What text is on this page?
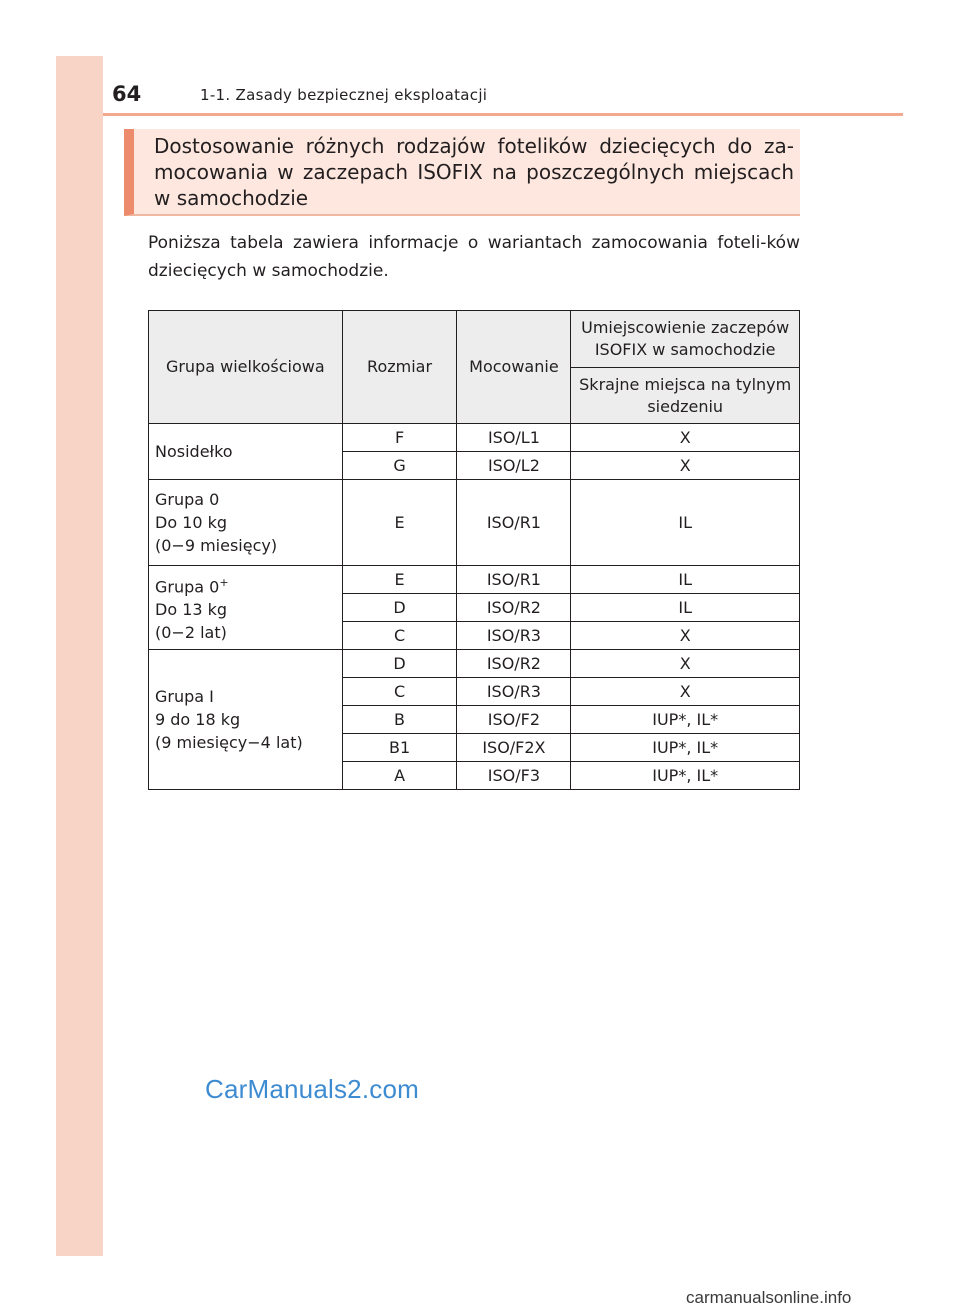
64	1-1. Zasady bezpiecznej eksploatacji
Dostosowanie różnych rodzajów fotelików dziecięcych do za-mocowania w zaczepach ISOFIX na poszczególnych miejscach w samochodzie
Poniższa tabela zawiera informacje o wariantach zamocowania foteli-ków dziecięcych w samochodzie.
Grupa wielkościowa	Rozmiar	Mocowanie	Umiejscowienie zaczepów ISOFIX w samochodzie
			Skrajne miejsca na tylnym siedzeniu

Nosidełko	F	ISO/L1	X
	G	ISO/L2	X

Grupa 0
Do 10 kg
(0−9 miesięcy)	E	ISO/R1	IL

Grupa 0+
Do 13 kg
(0−2 lat)	E	ISO/R1	IL
	D	ISO/R2	IL
	C	ISO/R3	X

Grupa I
9 do 18 kg
(9 miesięcy−4 lat)	D	ISO/R2	X
	C	ISO/R3	X
	B	ISO/F2	IUP*, IL*
	B1	ISO/F2X	IUP*, IL*
	A	ISO/F3	IUP*, IL*
CarManuals2.com
carmanualsonline.info
